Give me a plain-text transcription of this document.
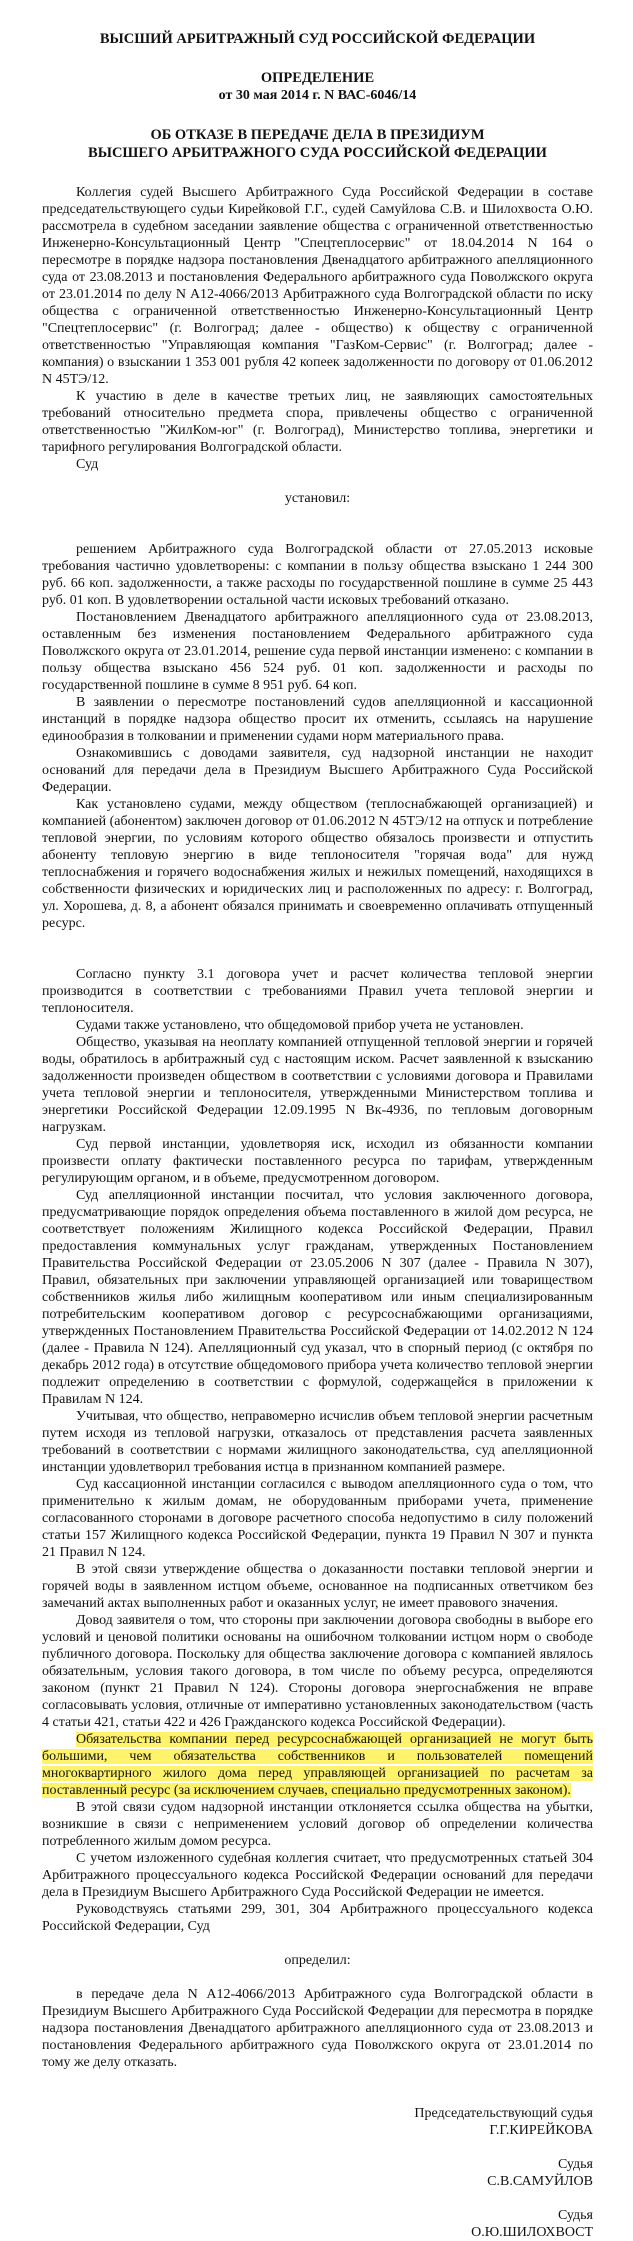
ВЫСШИЙ АРБИТРАЖНЫЙ СУД РОССИЙСКОЙ ФЕДЕРАЦИИ
ОПРЕДЕЛЕНИЕ
от 30 мая 2014 г. N ВАС-6046/14
ОБ ОТКАЗЕ В ПЕРЕДАЧЕ ДЕЛА В ПРЕЗИДИУМ
ВЫСШЕГО АРБИТРАЖНОГО СУДА РОССИЙСКОЙ ФЕДЕРАЦИИ

Коллегия судей Высшего Арбитражного Суда Российской Федерации в составе председательствующего судьи Кирейковой Г.Г., судей Самуйлова С.В. и Шилохвоста О.Ю. рассмотрела в судебном заседании заявление общества с ограниченной ответственностью Инженерно-Консультационный Центр "Спецтеплосервис" от 18.04.2014 N 164 о пересмотре в порядке надзора постановления Двенадцатого арбитражного апелляционного суда от 23.08.2013 и постановления Федерального арбитражного суда Поволжского округа от 23.01.2014 по делу N А12-4066/2013 Арбитражного суда Волгоградской области по иску общества с ограниченной ответственностью Инженерно-Консультационный Центр "Спецтеплосервис" (г. Волгоград; далее - общество) к обществу с ограниченной ответственностью "Управляющая компания "ГазКом-Сервис" (г. Волгоград; далее - компания) о взыскании 1 353 001 рубля 42 копеек задолженности по договору от 01.06.2012 N 45ТЭ/12.

К участию в деле в качестве третьих лиц, не заявляющих самостоятельных требований относительно предмета спора, привлечены общество с ограниченной ответственностью "ЖилКом-юг" (г. Волгоград), Министерство топлива, энергетики и тарифного регулирования Волгоградской области.

Суд

установил:

решением Арбитражного суда Волгоградской области от 27.05.2013 исковые требования частично удовлетворены: с компании в пользу общества взыскано 1 244 300 руб. 66 коп. задолженности, а также расходы по государственной пошлине в сумме 25 443 руб. 01 коп. В удовлетворении остальной части исковых требований отказано.

Постановлением Двенадцатого арбитражного апелляционного суда от 23.08.2013, оставленным без изменения постановлением Федерального арбитражного суда Поволжского округа от 23.01.2014, решение суда первой инстанции изменено: с компании в пользу общества взыскано 456 524 руб. 01 коп. задолженности и расходы по государственной пошлине в сумме 8 951 руб. 64 коп.

В заявлении о пересмотре постановлений судов апелляционной и кассационной инстанций в порядке надзора общество просит их отменить, ссылаясь на нарушение единообразия в толковании и применении судами норм материального права.

Ознакомившись с доводами заявителя, суд надзорной инстанции не находит оснований для передачи дела в Президиум Высшего Арбитражного Суда Российской Федерации.

Как установлено судами, между обществом (теплоснабжающей организацией) и компанией (абонентом) заключен договор от 01.06.2012 N 45ТЭ/12 на отпуск и потребление тепловой энергии, по условиям которого общество обязалось произвести и отпустить абоненту тепловую энергию в виде теплоносителя "горячая вода" для нужд теплоснабжения и горячего водоснабжения жилых и нежилых помещений, находящихся в собственности физических и юридических лиц и расположенных по адресу: г. Волгоград, ул. Хорошева, д. 8, а абонент обязался принимать и своевременно оплачивать отпущенный ресурс.

Согласно пункту 3.1 договора учет и расчет количества тепловой энергии производится в соответствии с требованиями Правил учета тепловой энергии и теплоносителя.

Судами также установлено, что общедомовой прибор учета не установлен.

Общество, указывая на неоплату компанией отпущенной тепловой энергии и горячей воды, обратилось в арбитражный суд с настоящим иском. Расчет заявленной к взысканию задолженности произведен обществом в соответствии с условиями договора и Правилами учета тепловой энергии и теплоносителя, утвержденными Министерством топлива и энергетики Российской Федерации 12.09.1995 N Вк-4936, по тепловым договорным нагрузкам.

Суд первой инстанции, удовлетворяя иск, исходил из обязанности компании произвести оплату фактически поставленного ресурса по тарифам, утвержденным регулирующим органом, и в объеме, предусмотренном договором.

Суд апелляционной инстанции посчитал, что условия заключенного договора, предусматривающие порядок определения объема поставленного в жилой дом ресурса, не соответствует положениям Жилищного кодекса Российской Федерации, Правил предоставления коммунальных услуг гражданам, утвержденных Постановлением Правительства Российской Федерации от 23.05.2006 N 307 (далее - Правила N 307), Правил, обязательных при заключении управляющей организацией или товариществом собственников жилья либо жилищным кооперативом или иным специализированным потребительским кооперативом договор с ресурсоснабжающими организациями, утвержденных Постановлением Правительства Российской Федерации от 14.02.2012 N 124 (далее - Правила N 124). Апелляционный суд указал, что в спорный период (с октября по декабрь 2012 года) в отсутствие общедомового прибора учета количество тепловой энергии подлежит определению в соответствии с формулой, содержащейся в приложении к Правилам N 124.

Учитывая, что общество, неправомерно исчислив объем тепловой энергии расчетным путем исходя из тепловой нагрузки, отказалось от представления расчета заявленных требований в соответствии с нормами жилищного законодательства, суд апелляционной инстанции удовлетворил требования истца в признанном компанией размере.

Суд кассационной инстанции согласился с выводом апелляционного суда о том, что применительно к жилым домам, не оборудованным приборами учета, применение согласованного сторонами в договоре расчетного способа недопустимо в силу положений статьи 157 Жилищного кодекса Российской Федерации, пункта 19 Правил N 307 и пункта 21 Правил N 124.

В этой связи утверждение общества о доказанности поставки тепловой энергии и горячей воды в заявленном истцом объеме, основанное на подписанных ответчиком без замечаний актах выполненных работ и оказанных услуг, не имеет правового значения.

Довод заявителя о том, что стороны при заключении договора свободны в выборе его условий и ценовой политики основаны на ошибочном толковании истцом норм о свободе публичного договора. Поскольку для общества заключение договора с компанией являлось обязательным, условия такого договора, в том числе по объему ресурса, определяются законом (пункт 21 Правил N 124). Стороны договора энергоснабжения не вправе согласовывать условия, отличные от императивно установленных законодательством (часть 4 статьи 421, статьи 422 и 426 Гражданского кодекса Российской Федерации).

Обязательства компании перед ресурсоснабжающей организацией не могут быть большими, чем обязательства собственников и пользователей помещений многоквартирного жилого дома перед управляющей организацией по расчетам за поставленный ресурс (за исключением случаев, специально предусмотренных законом).

В этой связи судом надзорной инстанции отклоняется ссылка общества на убытки, возникшие в связи с неприменением условий договор об определении количества потребленного жилым домом ресурса.

С учетом изложенного судебная коллегия считает, что предусмотренных статьей 304 Арбитражного процессуального кодекса Российской Федерации оснований для передачи дела в Президиум Высшего Арбитражного Суда Российской Федерации не имеется.

Руководствуясь статьями 299, 301, 304 Арбитражного процессуального кодекса Российской Федерации, Суд

определил:

в передаче дела N А12-4066/2013 Арбитражного суда Волгоградской области в Президиум Высшего Арбитражного Суда Российской Федерации для пересмотра в порядке надзора постановления Двенадцатого арбитражного апелляционного суда от 23.08.2013 и постановления Федерального арбитражного суда Поволжского округа от 23.01.2014 по тому же делу отказать.

Председательствующий судья

Г.Г.КИРЕЙКОВА

Судья

С.В.САМУЙЛОВ

Судья

О.Ю.ШИЛОХВОСТ
